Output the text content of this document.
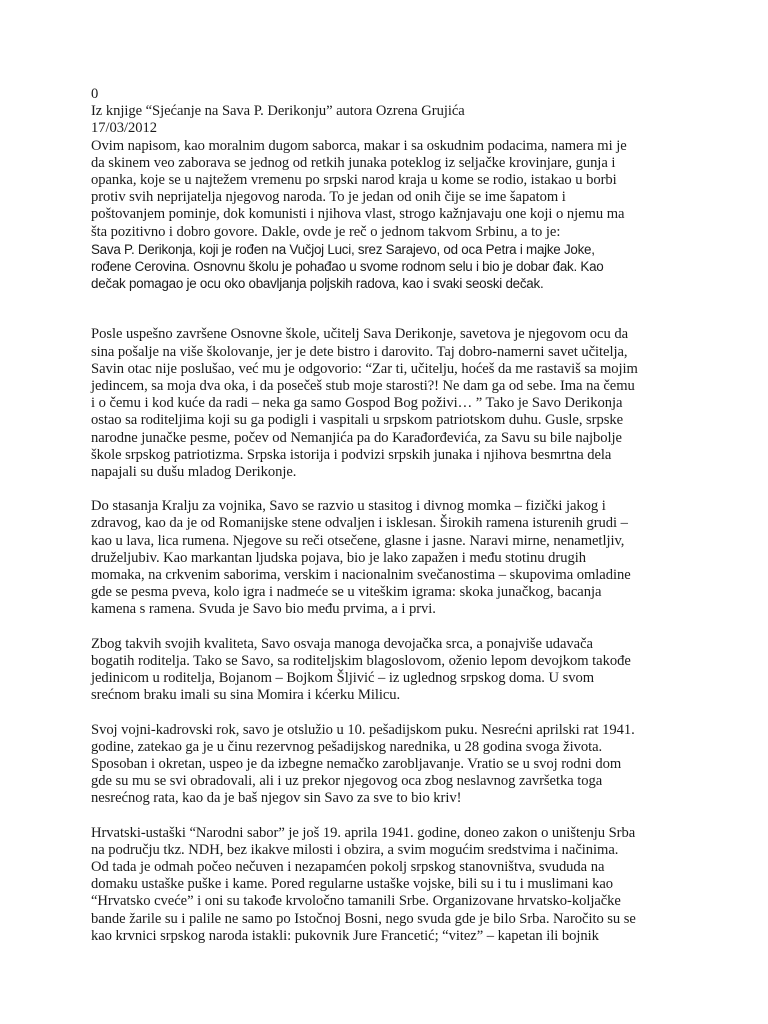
0
Iz knjige “Sjećanje na Sava P. Derikonju” autora Ozrena Grujića
17/03/2012
Ovim napisom, kao moralnim dugom saborca, makar i sa oskudnim podacima, namera mi je
da skinem veo zaborava se jednog od retkih junaka poteklog iz seljačke krovinjare, gunja i
opanka, koje se u najtežem vremenu po srpski narod kraja u kome se rodio, istakao u borbi
protiv svih neprijatelja njegovog naroda. To je jedan od onih čije se ime šapatom i
poštovanjem pominje, dok komunisti i njihova vlast, strogo kažnjavaju one koji o njemu ma
šta pozitivno i dobro govore. Dakle, ovde je reč o jednom takvom Srbinu, a to je:
Sava P. Derikonja, koji je rođen na Vučjoj Luci, srez Sarajevo, od oca Petra i majke Joke,
rođene Cerovina. Osnovnu školu je pohađao u svome rodnom selu i bio je dobar đak. Kao
dečak pomagao je ocu oko obavljanja poljskih radova, kao i svaki seoski dečak.
Posle uspešno završene Osnovne škole, učitelj Sava Derikonje, savetova je njegovom ocu da
sina pošalje na više školovanje, jer je dete bistro i darovito. Taj dobro-namerni savet učitelja,
Savin otac nije poslušao, već mu je odgovorio: “Zar ti, učitelju, hoćeš da me rastaviš sa mojim
jedincem, sa moja dva oka, i da posečeš stub moje starosti?! Ne dam ga od sebe. Ima na čemu
i o čemu i kod kuće da radi – neka ga samo Gospod Bog poživi… ” Tako je Savo Derikonja
ostao sa roditeljima koji su ga podigli i vaspitali u srpskom patriotskom duhu. Gusle, srpske
narodne junačke pesme, počev od Nemanjića pa do Karađorđevića, za Savu su bile najbolje
škole srpskog patriotizma. Srpska istorija i podvizi srpskih junaka i njihova besmrtna dela
napajali su dušu mladog Derikonje.
Do stasanja Kralju za vojnika, Savo se razvio u stasitog i divnog momka – fizički jakog i
zdravog, kao da je od Romanijske stene odvaljen i isklesan. Širokih ramena isturenih grudi –
kao u lava, lica rumena. Njegove su reči otsečene, glasne i jasne. Naravi mirne, nenametljiv,
druželjubiv. Kao markantan ljudska pojava, bio je lako zapažen i među stotinu drugih
momaka, na crkvenim saborima, verskim i nacionalnim svečanostima – skupovima omladine
gde se pesma pveva, kolo igra i nadmeće se u viteškim igrama: skoka junačkog, bacanja
kamena s ramena. Svuda je Savo bio među prvima, a i prvi.
Zbog takvih svojih kvaliteta, Savo osvaja manoga devojačka srca, a ponajviše udavača
bogatih roditelja. Tako se Savo, sa roditeljskim blagoslovom, oženio lepom devojkom takođe
jedinicom u roditelja, Bojanom – Bojkom Šljivić – iz uglednog srpskog doma. U svom
srećnom braku imali su sina Momira i kćerku Milicu.
Svoj vojni-kadrovski rok, savo je otslužio u 10. pešadijskom puku. Nesrećni aprilski rat 1941.
godine, zatekao ga je u činu rezervnog pešadijskog narednika, u 28 godina svoga života.
Sposoban i okretan, uspeo je da izbegne nemačko zarobljavanje. Vratio se u svoj rodni dom
gde su mu se svi obradovali, ali i uz prekor njegovog oca zbog neslavnog završetka toga
nesrećnog rata, kao da je baš njegov sin Savo za sve to bio kriv!
Hrvatski-ustaški “Narodni sabor” je još 19. aprila 1941. godine, doneo zakon o uništenju Srba
na području tkz. NDH, bez ikakve milosti i obzira, a svim mogućim sredstvima i načinima.
Od tada je odmah počeo nečuven i nezapamćen pokolj srpskog stanovništva, svududa na
domaku ustaške puške i kame. Pored regularne ustaške vojske, bili su i tu i muslimani kao
“Hrvatsko cveće” i oni su takođe krvoločno tamanili Srbe. Organizovane hrvatsko-koljačke
bande žarile su i palile ne samo po Istočnoj Bosni, nego svuda gde je bilo Srba. Naročito su se
kao krvnici srpskog naroda istakli: pukovnik Jure Francetić; “vitez” – kapetan ili bojnik
